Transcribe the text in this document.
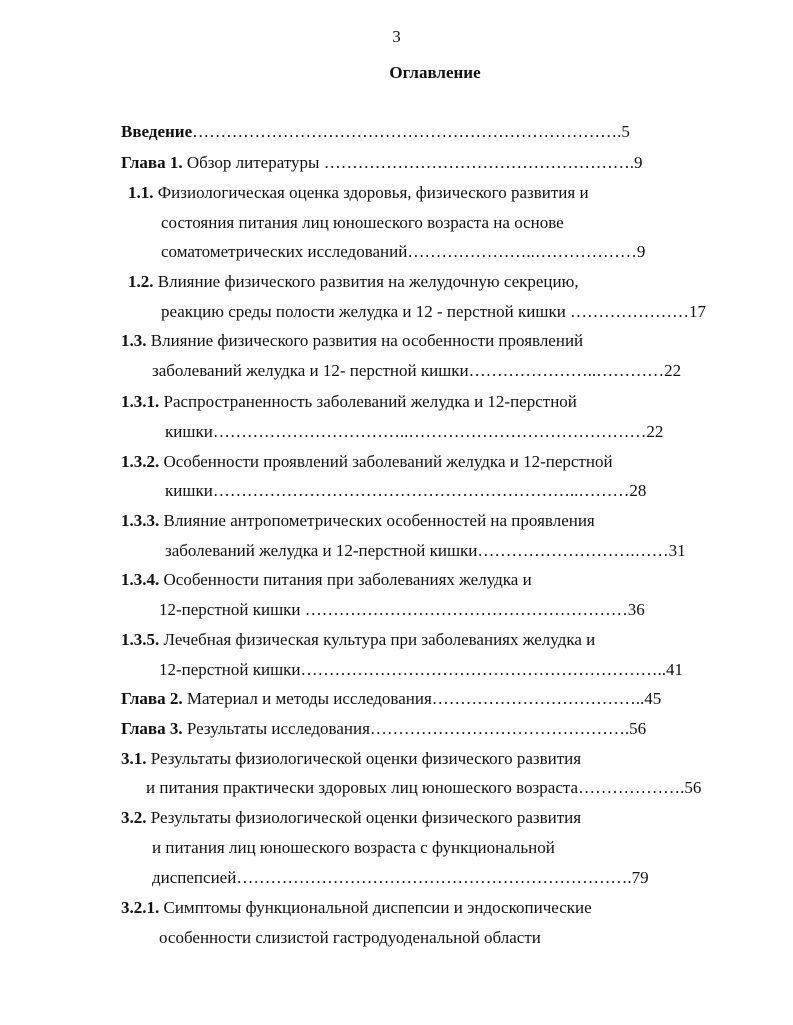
3
Оглавление
Введение………………………………………………………………….5
Глава 1. Обзор литературы ……………………………………………….9
1.1. Физиологическая оценка здоровья, физического развития и
состояния питания лиц юношеского возраста на основе
соматометрических исследований…………………..………………9
1.2. Влияние физического развития на желудочную секрецию,
реакцию среды полости желудка и 12 - перстной кишки …………………17
1.3. Влияние физического развития на особенности проявлений
заболеваний желудка и 12- перстной кишки…………………..…………22
1.3.1. Распространенность заболеваний желудка и 12-перстной
кишки……………………………..……………………………………22
1.3.2. Особенности проявлений заболеваний желудка и 12-перстной
кишки………………………………………………………..………28
1.3.3. Влияние антропометрических особенностей на проявления
заболеваний желудка и 12-перстной кишки……………………….……31
1.3.4. Особенности питания при заболеваниях желудка и
12-перстной кишки …………………………………………………36
1.3.5. Лечебная физическая культура при заболеваниях желудка и
12-перстной кишки………………………………………………………..41
Глава 2. Материал и методы исследования………………………………..45
Глава 3. Результаты исследования……………………………………….56
3.1. Результаты физиологической оценки физического развития
и питания практически здоровых лиц юношеского возраста……………….56
3.2. Результаты физиологической оценки физического развития
и питания лиц юношеского возраста с функциональной
диспепсией…………………………………………………………….79
3.2.1. Симптомы функциональной диспепсии и эндоскопические
особенности слизистой гастродуоденальной области
